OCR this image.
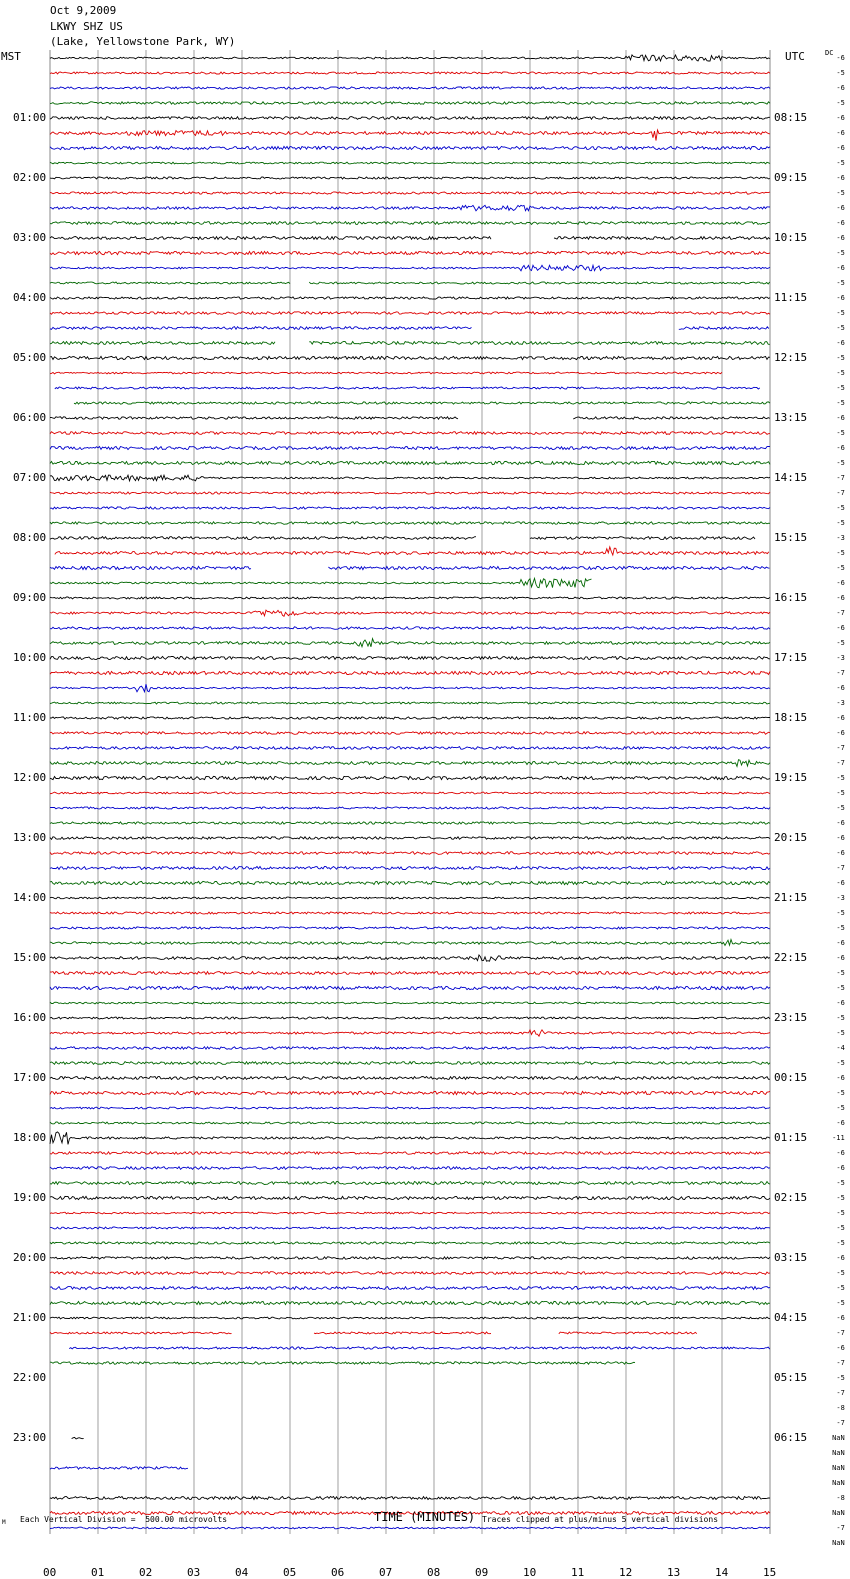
Oct 9,2009
LKWY SHZ US
(Lake, Yellowstone Park, WY)
MST	UTC	DC
01:00
02:00
03:00
04:00
05:00
06:00
07:00
08:00
09:00
10:00
11:00
12:00
13:00
14:00
15:00
16:00
17:00
18:00
19:00
20:00
21:00
22:00
23:00
08:15
09:15
10:15
11:15
12:15
13:15
14:15
15:15
16:15
17:15
18:15
19:15
20:15
21:15
22:15
23:15
00:15
01:15
02:15
03:15
04:15
05:15
06:15
-6
-5
-6
-5
-6
-6
-6
-5
-6
-5
-6
-6
-6
-5
-6
-5
-6
-5
-5
-6
-5
-5
-5
-5
-6
-5
-6
-5
-7
-7
-5
-5
-3
-5
-5
-6
-6
-7
-6
-5
-3
-7
-6
-3
-6
-6
-7
-7
-5
-5
-5
-6
-6
-6
-7
-6
-3
-5
-5
-6
-6
-5
-5
-6
-5
-5
-4
-5
-6
-5
-5
-6
-11
-6
-6
-5
-5
-5
-5
-5
-6
-5
-5
-5
-6
-7
-6
-7
-5
-7
-8
-7
NaN
NaN
NaN
NaN
-8
NaN
-7
NaN
00	01	02	03	04	05	06	07	08	09	10	11	12	13	14	15
M Each Vertical Division =  500.00 microvolts	TIME (MINUTES) Traces clipped at plus/minus 5 vertical divisions
